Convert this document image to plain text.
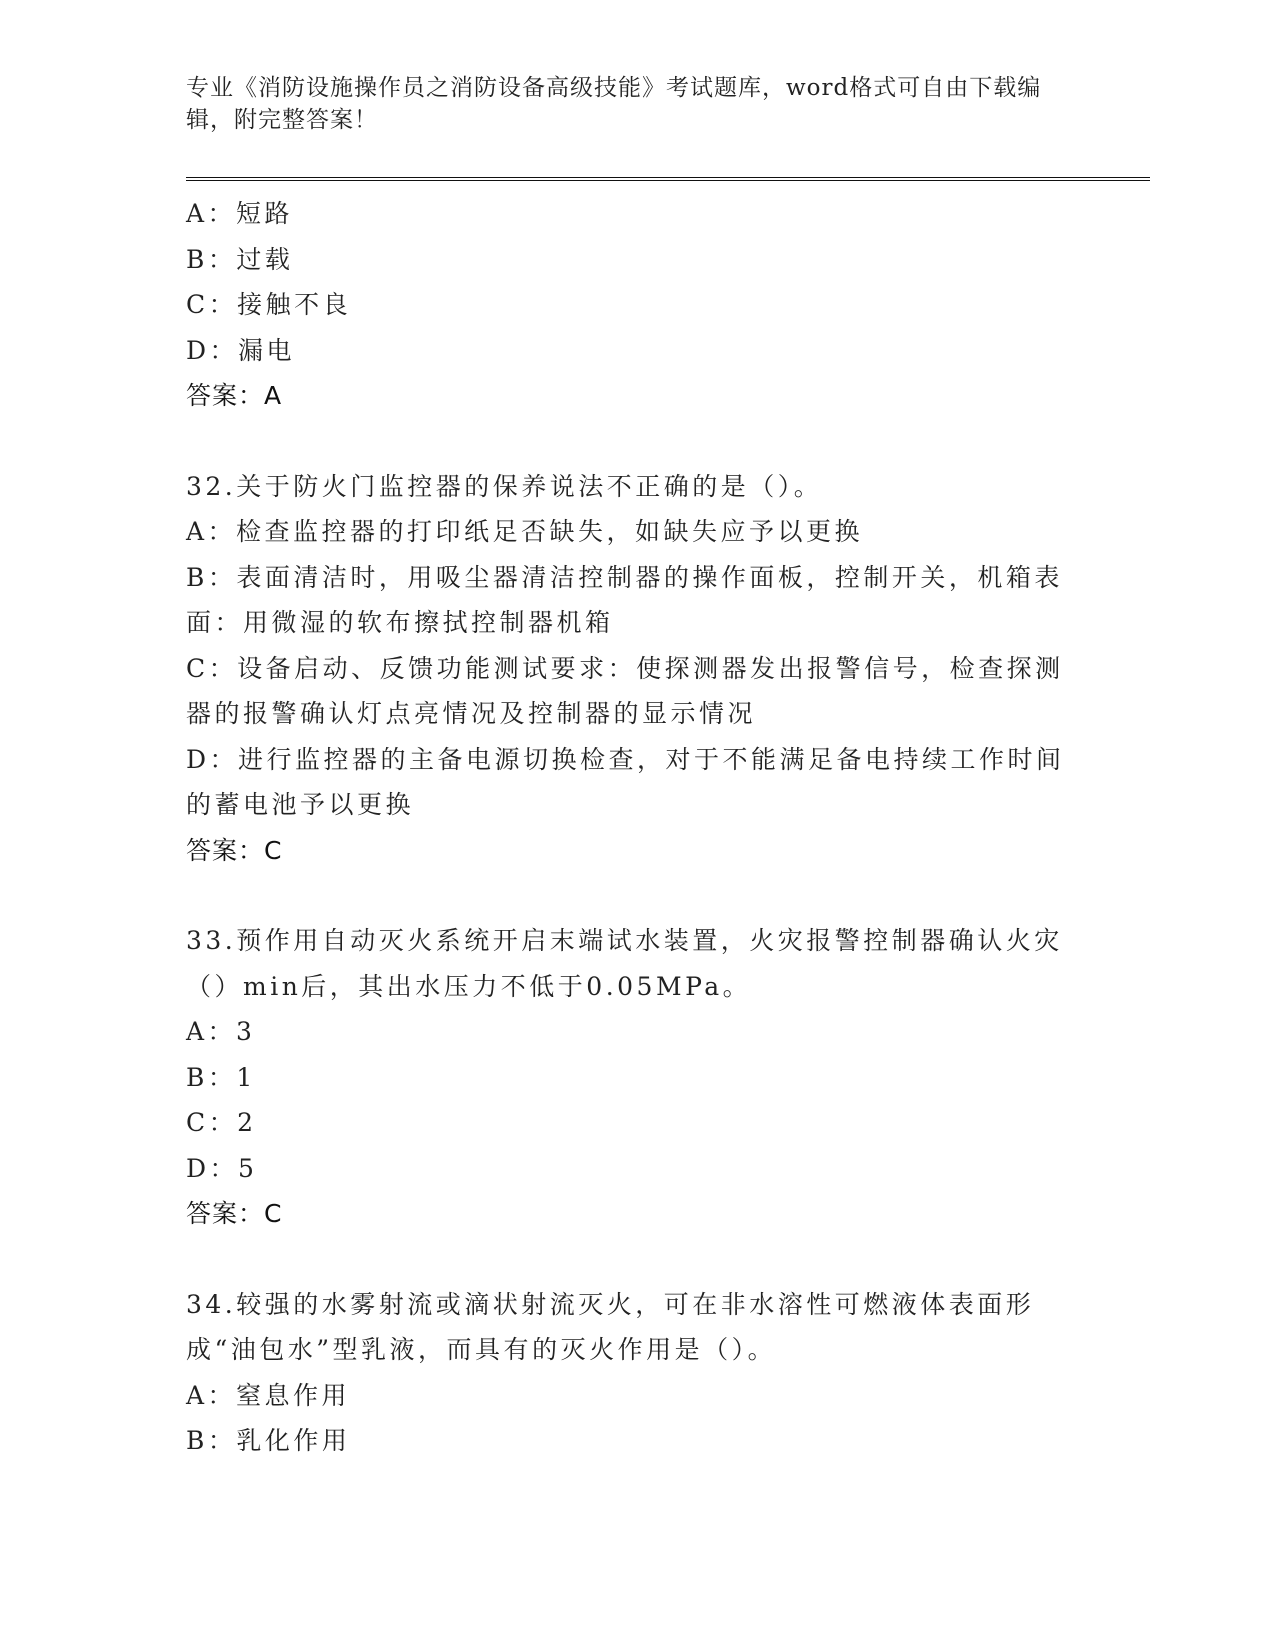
专业《消防设施操作员之消防设备高级技能》考试题库，word格式可自由下载编辑，附完整答案！
A：短路
B：过载
C：接触不良
D：漏电
答案：A
32.关于防火门监控器的保养说法不正确的是（）。
A：检查监控器的打印纸足否缺失，如缺失应予以更换
B：表面清洁时，用吸尘器清洁控制器的操作面板，控制开关，机箱表面：用微湿的软布擦拭控制器机箱
C：设备启动、反馈功能测试要求：使探测器发出报警信号，检查探测器的报警确认灯点亮情况及控制器的显示情况
D：进行监控器的主备电源切换检查，对于不能满足备电持续工作时间的蓄电池予以更换
答案：C
33.预作用自动灭火系统开启末端试水装置，火灾报警控制器确认火灾（）min后，其出水压力不低于0.05MPa。
A：3
B：1
C：2
D：5
答案：C
34.较强的水雾射流或滴状射流灭火，可在非水溶性可燃液体表面形成“油包水”型乳液，而具有的灭火作用是（）。
A：窒息作用
B：乳化作用
